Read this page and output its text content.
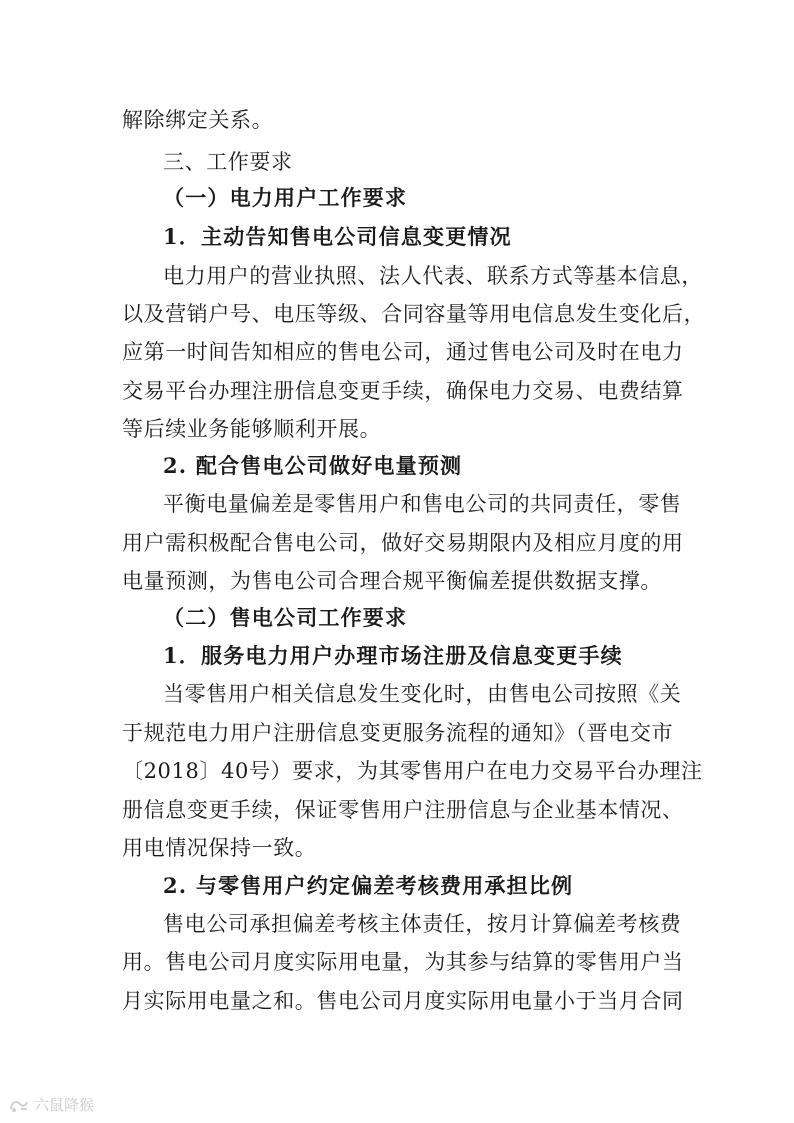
解除绑定关系。
三、工作要求
（一）电力用户工作要求
1．主动告知售电公司信息变更情况
电力用户的营业执照、法人代表、联系方式等基本信息，
以及营销户号、电压等级、合同容量等用电信息发生变化后，
应第一时间告知相应的售电公司，通过售电公司及时在电力
交易平台办理注册信息变更手续，确保电力交易、电费结算
等后续业务能够顺利开展。
2. 配合售电公司做好电量预测
平衡电量偏差是零售用户和售电公司的共同责任，零售
用户需积极配合售电公司，做好交易期限内及相应月度的用
电量预测，为售电公司合理合规平衡偏差提供数据支撑。
（二）售电公司工作要求
1．服务电力用户办理市场注册及信息变更手续
当零售用户相关信息发生变化时，由售电公司按照《关
于规范电力用户注册信息变更服务流程的通知》（晋电交市
〔2018〕40号）要求，为其零售用户在电力交易平台办理注
册信息变更手续，保证零售用户注册信息与企业基本情况、
用电情况保持一致。
2. 与零售用户约定偏差考核费用承担比例
售电公司承担偏差考核主体责任，按月计算偏差考核费
用。售电公司月度实际用电量，为其参与结算的零售用户当
月实际用电量之和。售电公司月度实际用电量小于当月合同
六鼠降猴
